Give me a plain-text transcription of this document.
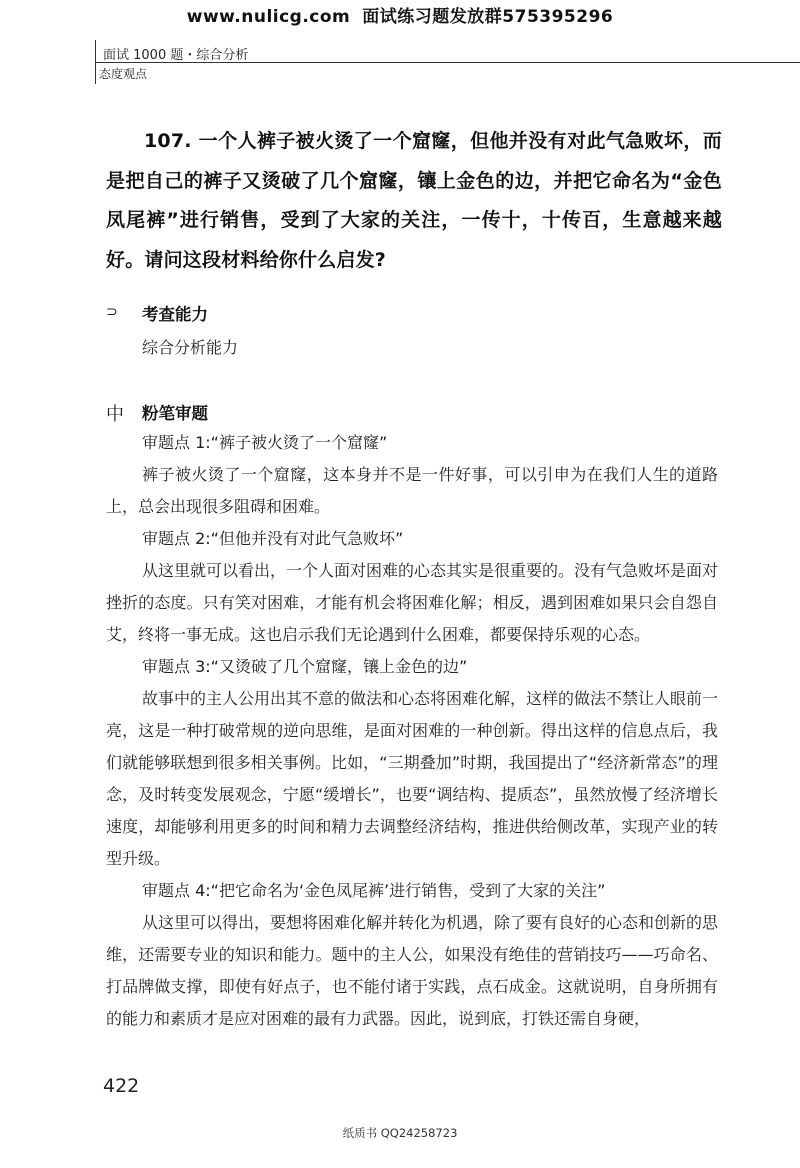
www.nulicg.com 面试练习题发放群575395296
面试 1000 题・综合分析
态度观点
107. 一个人裤子被火烫了一个窟窿，但他并没有对此气急败坏，而是把自己的裤子又烫破了几个窟窿，镶上金色的边，并把它命名为“金色凤尾裤”进行销售，受到了大家的关注，一传十，十传百，生意越来越好。请问这段材料给你什么启发?
⊃ 考查能力
综合分析能力
中 粉笔审题
审题点 1:“裤子被火烫了一个窟窿”
裤子被火烫了一个窟窿，这本身并不是一件好事，可以引申为在我们人生的道路上，总会出现很多阻碍和困难。
审题点 2:“但他并没有对此气急败坏”
从这里就可以看出，一个人面对困难的心态其实是很重要的。没有气急败坏是面对挫折的态度。只有笑对困难，才能有机会将困难化解；相反，遇到困难如果只会自怨自艾，终将一事无成。这也启示我们无论遇到什么困难，都要保持乐观的心态。
审题点 3:“又烫破了几个窟窿，镶上金色的边”
故事中的主人公用出其不意的做法和心态将困难化解，这样的做法不禁让人眼前一亮，这是一种打破常规的逆向思维，是面对困难的一种创新。得出这样的信息点后，我们就能够联想到很多相关事例。比如，“三期叠加”时期，我国提出了“经济新常态”的理念，及时转变发展观念，宁愿“缓增长”，也要“调结构、提质态”，虽然放慢了经济增长速度，却能够利用更多的时间和精力去调整经济结构，推进供给侧改革，实现产业的转型升级。
审题点 4:“把它命名为‘金色凤尾裤’进行销售，受到了大家的关注”
从这里可以得出，要想将困难化解并转化为机遇，除了要有良好的心态和创新的思维，还需要专业的知识和能力。题中的主人公，如果没有绝佳的营销技巧——巧命名、打品牌做支撑，即使有好点子，也不能付诸于实践，点石成金。这就说明，自身所拥有的能力和素质才是应对困难的最有力武器。因此，说到底，打铁还需自身硬，
422
纸质书 QQ24258723
